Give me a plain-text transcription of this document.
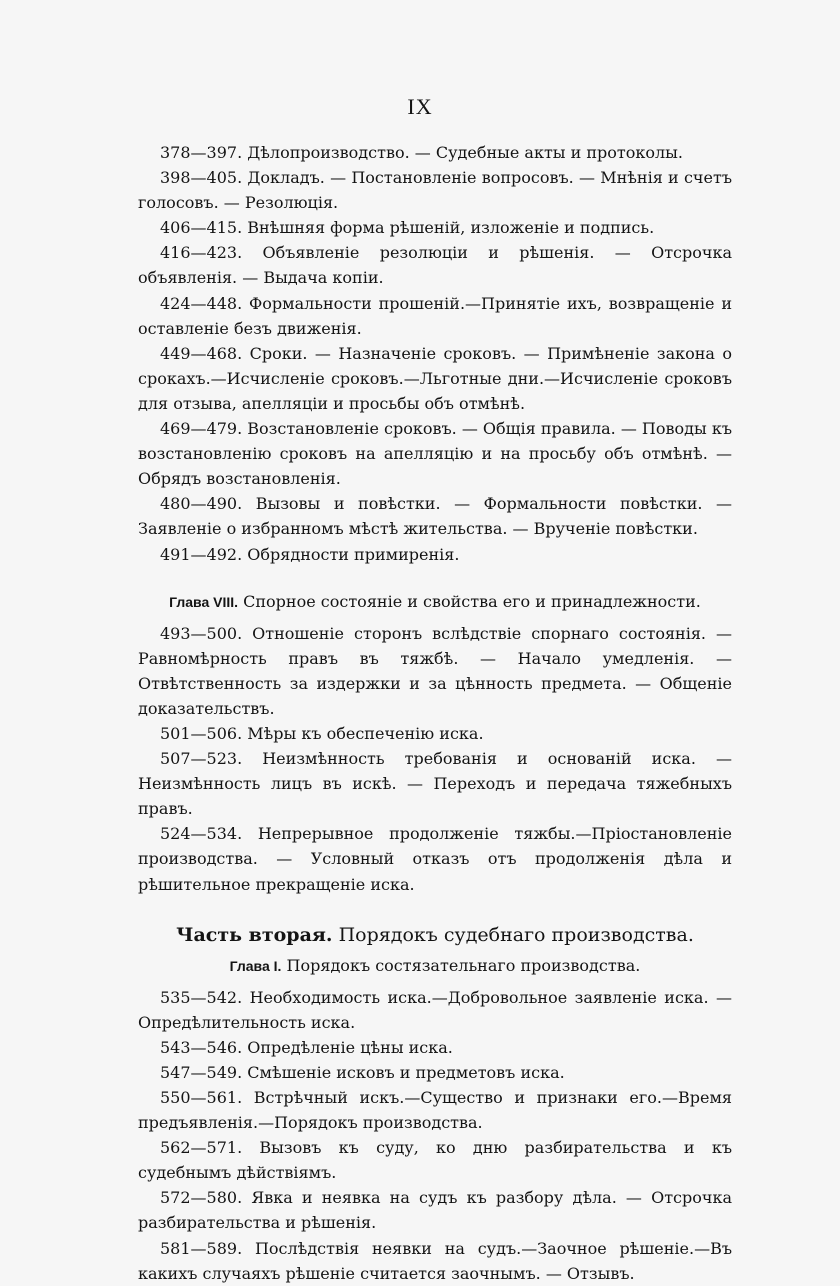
IX

378—397. Дѣлопроизводство. — Судебные акты и протоколы.

398—405. Докладъ. — Постановленіе вопросовъ. — Мнѣнія и счетъ голосовъ. — Резолюція.

406—415. Внѣшняя форма рѣшеній, изложеніе и подпись.

416—423. Объявленіе резолюціи и рѣшенія. — Отсрочка объявленія. — Выдача копіи.

424—448. Формальности прошеній.—Принятіе ихъ, возвращеніе и оставленіе безъ движенія.

449—468. Сроки. — Назначеніе сроковъ. — Примѣненіе закона о срокахъ.—Исчисленіе сроковъ.—Льготные дни.—Исчисленіе сроковъ для отзыва, апелляціи и просьбы объ отмѣнѣ.

469—479. Возстановленіе сроковъ. — Общія правила. — Поводы къ возстановленію сроковъ на апелляцію и на просьбу объ отмѣнѣ. — Обрядъ возстановленія.

480—490. Вызовы и повѣстки. — Формальности повѣстки. — Заявленіе о избранномъ мѣстѣ жительства. — Врученіе повѣстки.

491—492. Обрядности примиренія.

Глава VIII. Спорное состояніе и свойства его и принадлежности.

493—500. Отношеніе сторонъ вслѣдствіе спорнаго состоянія. — Равномѣрность правъ въ тяжбѣ. — Начало умедленія. — Отвѣтственность за издержки и за цѣнность предмета. — Общеніе доказательствъ.

501—506. Мѣры къ обеспеченію иска.

507—523. Неизмѣнность требованія и основаній иска. — Неизмѣнность лицъ въ искѣ. — Переходъ и передача тяжебныхъ правъ.

524—534. Непрерывное продолженіе тяжбы.—Пріостановленіе производства. — Условный отказъ отъ продолженія дѣла и рѣшительное прекращеніе иска.

Часть вторая. Порядокъ судебнаго производства.
Глава I. Порядокъ состязательнаго производства.

535—542. Необходимость иска.—Добровольное заявленіе иска. — Опредѣлительность иска.

543—546. Опредѣленіе цѣны иска.

547—549. Смѣшеніе исковъ и предметовъ иска.

550—561. Встрѣчный искъ.—Существо и признаки его.—Время предъявленія.—Порядокъ производства.

562—571. Вызовъ къ суду, ко дню разбирательства и къ судебнымъ дѣйствіямъ.

572—580. Явка и неявка на судъ къ разбору дѣла. — Отсрочка разбирательства и рѣшенія.

581—589. Послѣдствія неявки на судъ.—Заочное рѣшеніе.—Въ какихъ случаяхъ рѣшеніе считается заочнымъ. — Отзывъ.
